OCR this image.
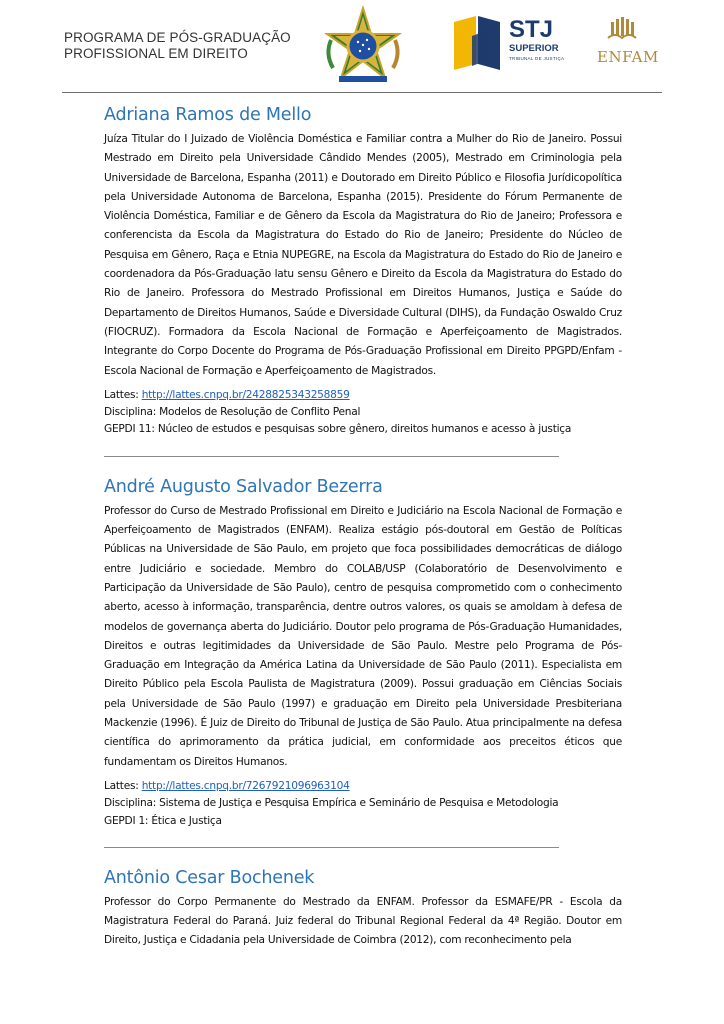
PROGRAMA DE PÓS-GRADUAÇÃO
PROFISSIONAL EM DIREITO
STJ
SUPERIOR
TRIBUNAL DE JUSTIÇA ENFAM
Adriana Ramos de Mello

Juíza Titular do I Juizado de Violência Doméstica e Familiar contra a Mulher do Rio de Janeiro. Possui Mestrado em Direito pela Universidade Cândido Mendes (2005), Mestrado em Criminologia pela Universidade de Barcelona, Espanha (2011) e Doutorado em Direito Público e Filosofia Jurídicopolítica pela Universidade Autonoma de Barcelona, Espanha (2015). Presidente do Fórum Permanente de Violência Doméstica, Familiar e de Gênero da Escola da Magistratura do Rio de Janeiro; Professora e conferencista da Escola da Magistratura do Estado do Rio de Janeiro; Presidente do Núcleo de Pesquisa em Gênero, Raça e Etnia NUPEGRE, na Escola da Magistratura do Estado do Rio de Janeiro e coordenadora da Pós-Graduação latu sensu Gênero e Direito da Escola da Magistratura do Estado do Rio de Janeiro. Professora do Mestrado Profissional em Direitos Humanos, Justiça e Saúde do Departamento de Direitos Humanos, Saúde e Diversidade Cultural (DIHS), da Fundação Oswaldo Cruz (FIOCRUZ). Formadora da Escola Nacional de Formação e Aperfeiçoamento de Magistrados. Integrante do Corpo Docente do Programa de Pós-Graduação Profissional em Direito PPGPD/Enfam - Escola Nacional de Formação e Aperfeiçoamento de Magistrados.

Lattes: http://lattes.cnpq.br/2428825343258859

Disciplina: Modelos de Resolução de Conflito Penal

GEPDI 11: Núcleo de estudos e pesquisas sobre gênero, direitos humanos e acesso à justiça

André Augusto Salvador Bezerra

Professor do Curso de Mestrado Profissional em Direito e Judiciário na Escola Nacional de Formação e Aperfeiçoamento de Magistrados (ENFAM). Realiza estágio pós-doutoral em Gestão de Políticas Públicas na Universidade de São Paulo, em projeto que foca possibilidades democráticas de diálogo entre Judiciário e sociedade. Membro do COLAB/USP (Colaboratório de Desenvolvimento e Participação da Universidade de São Paulo), centro de pesquisa comprometido com o conhecimento aberto, acesso à informação, transparência, dentre outros valores, os quais se amoldam à defesa de modelos de governança aberta do Judiciário. Doutor pelo programa de Pós-Graduação Humanidades, Direitos e outras legitimidades da Universidade de São Paulo. Mestre pelo Programa de Pós-Graduação em Integração da América Latina da Universidade de São Paulo (2011). Especialista em Direito Público pela Escola Paulista de Magistratura (2009). Possui graduação em Ciências Sociais pela Universidade de São Paulo (1997) e graduação em Direito pela Universidade Presbiteriana Mackenzie (1996). É Juiz de Direito do Tribunal de Justiça de São Paulo. Atua principalmente na defesa científica do aprimoramento da prática judicial, em conformidade aos preceitos éticos que fundamentam os Direitos Humanos.

Lattes: http://lattes.cnpq.br/7267921096963104

Disciplina: Sistema de Justiça e Pesquisa Empírica e Seminário de Pesquisa e Metodologia

GEPDI 1: Ética e Justiça

Antônio Cesar Bochenek

Professor do Corpo Permanente do Mestrado da ENFAM. Professor da ESMAFE/PR - Escola da Magistratura Federal do Paraná. Juiz federal do Tribunal Regional Federal da 4ª Região. Doutor em Direito, Justiça e Cidadania pela Universidade de Coimbra (2012), com reconhecimento pela
